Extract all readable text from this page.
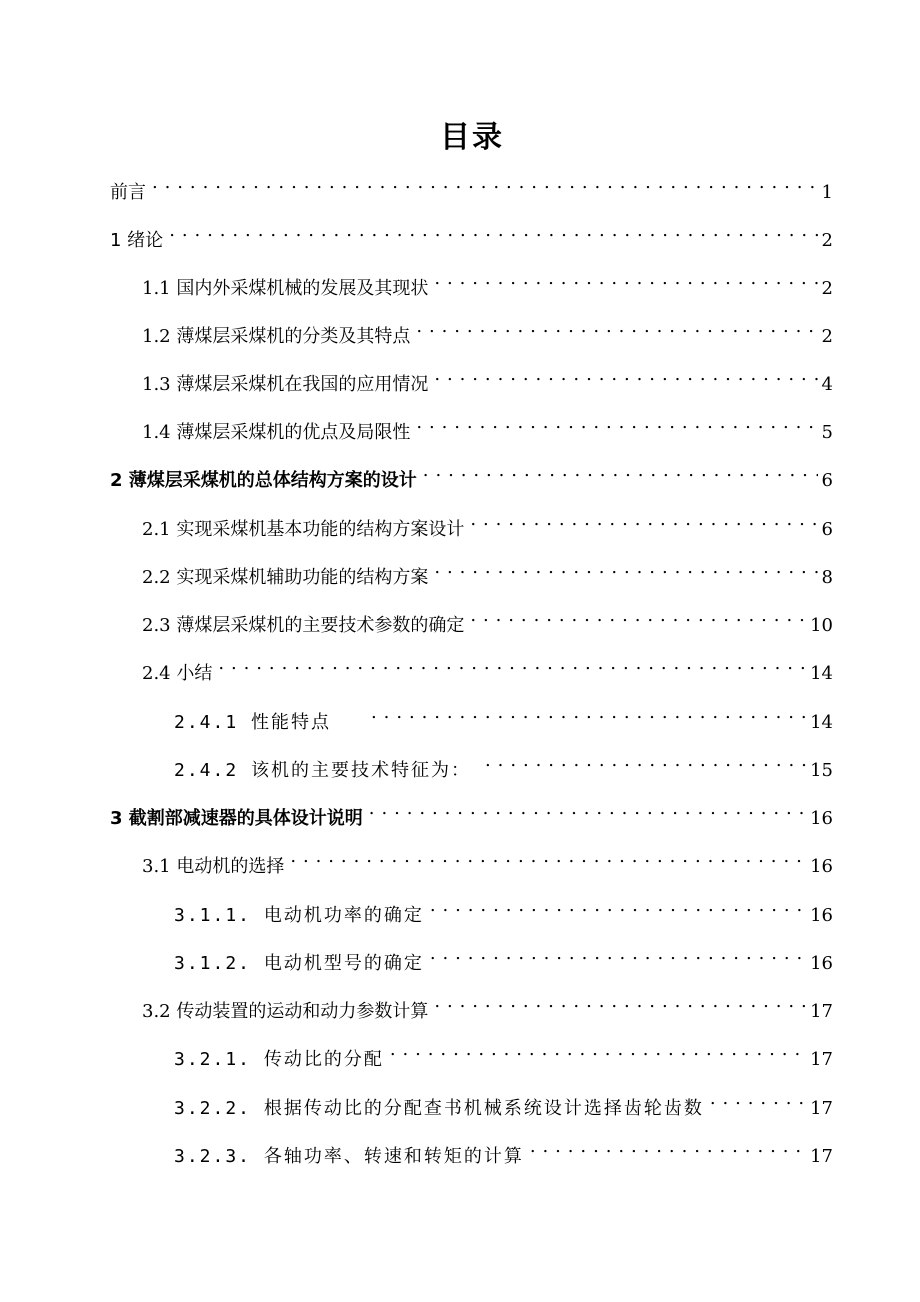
目录
前言 . . .	1
1 绪论 . . .	2
1.1 国内外采煤机械的发展及其现状 . . .	2
1.2 薄煤层采煤机的分类及其特点 . . .	2
1.3 薄煤层采煤机在我国的应用情况 . . .	4
1.4 薄煤层采煤机的优点及局限性 . . .	5
2 薄煤层采煤机的总体结构方案的设计 . . .	6
2.1 实现采煤机基本功能的结构方案设计 . . .	6
2.2 实现采煤机辅助功能的结构方案 . . .	8
2.3 薄煤层采煤机的主要技术参数的确定 . . .	10
2.4 小结 . . .	14
2.4.1 性能特点 . . .	14
2.4.2 该机的主要技术特征为： . . .	15
3 截割部减速器的具体设计说明 . . .	16
3.1 电动机的选择 . . .	16
3.1.1. 电动机功率的确定 . . .	16
3.1.2. 电动机型号的确定 . . .	16
3.2 传动装置的运动和动力参数计算 . . .	17
3.2.1. 传动比的分配 . . .	17
3.2.2. 根据传动比的分配查书机械系统设计选择齿轮齿数 . . .	17
3.2.3. 各轴功率、转速和转矩的计算 . . .	17
